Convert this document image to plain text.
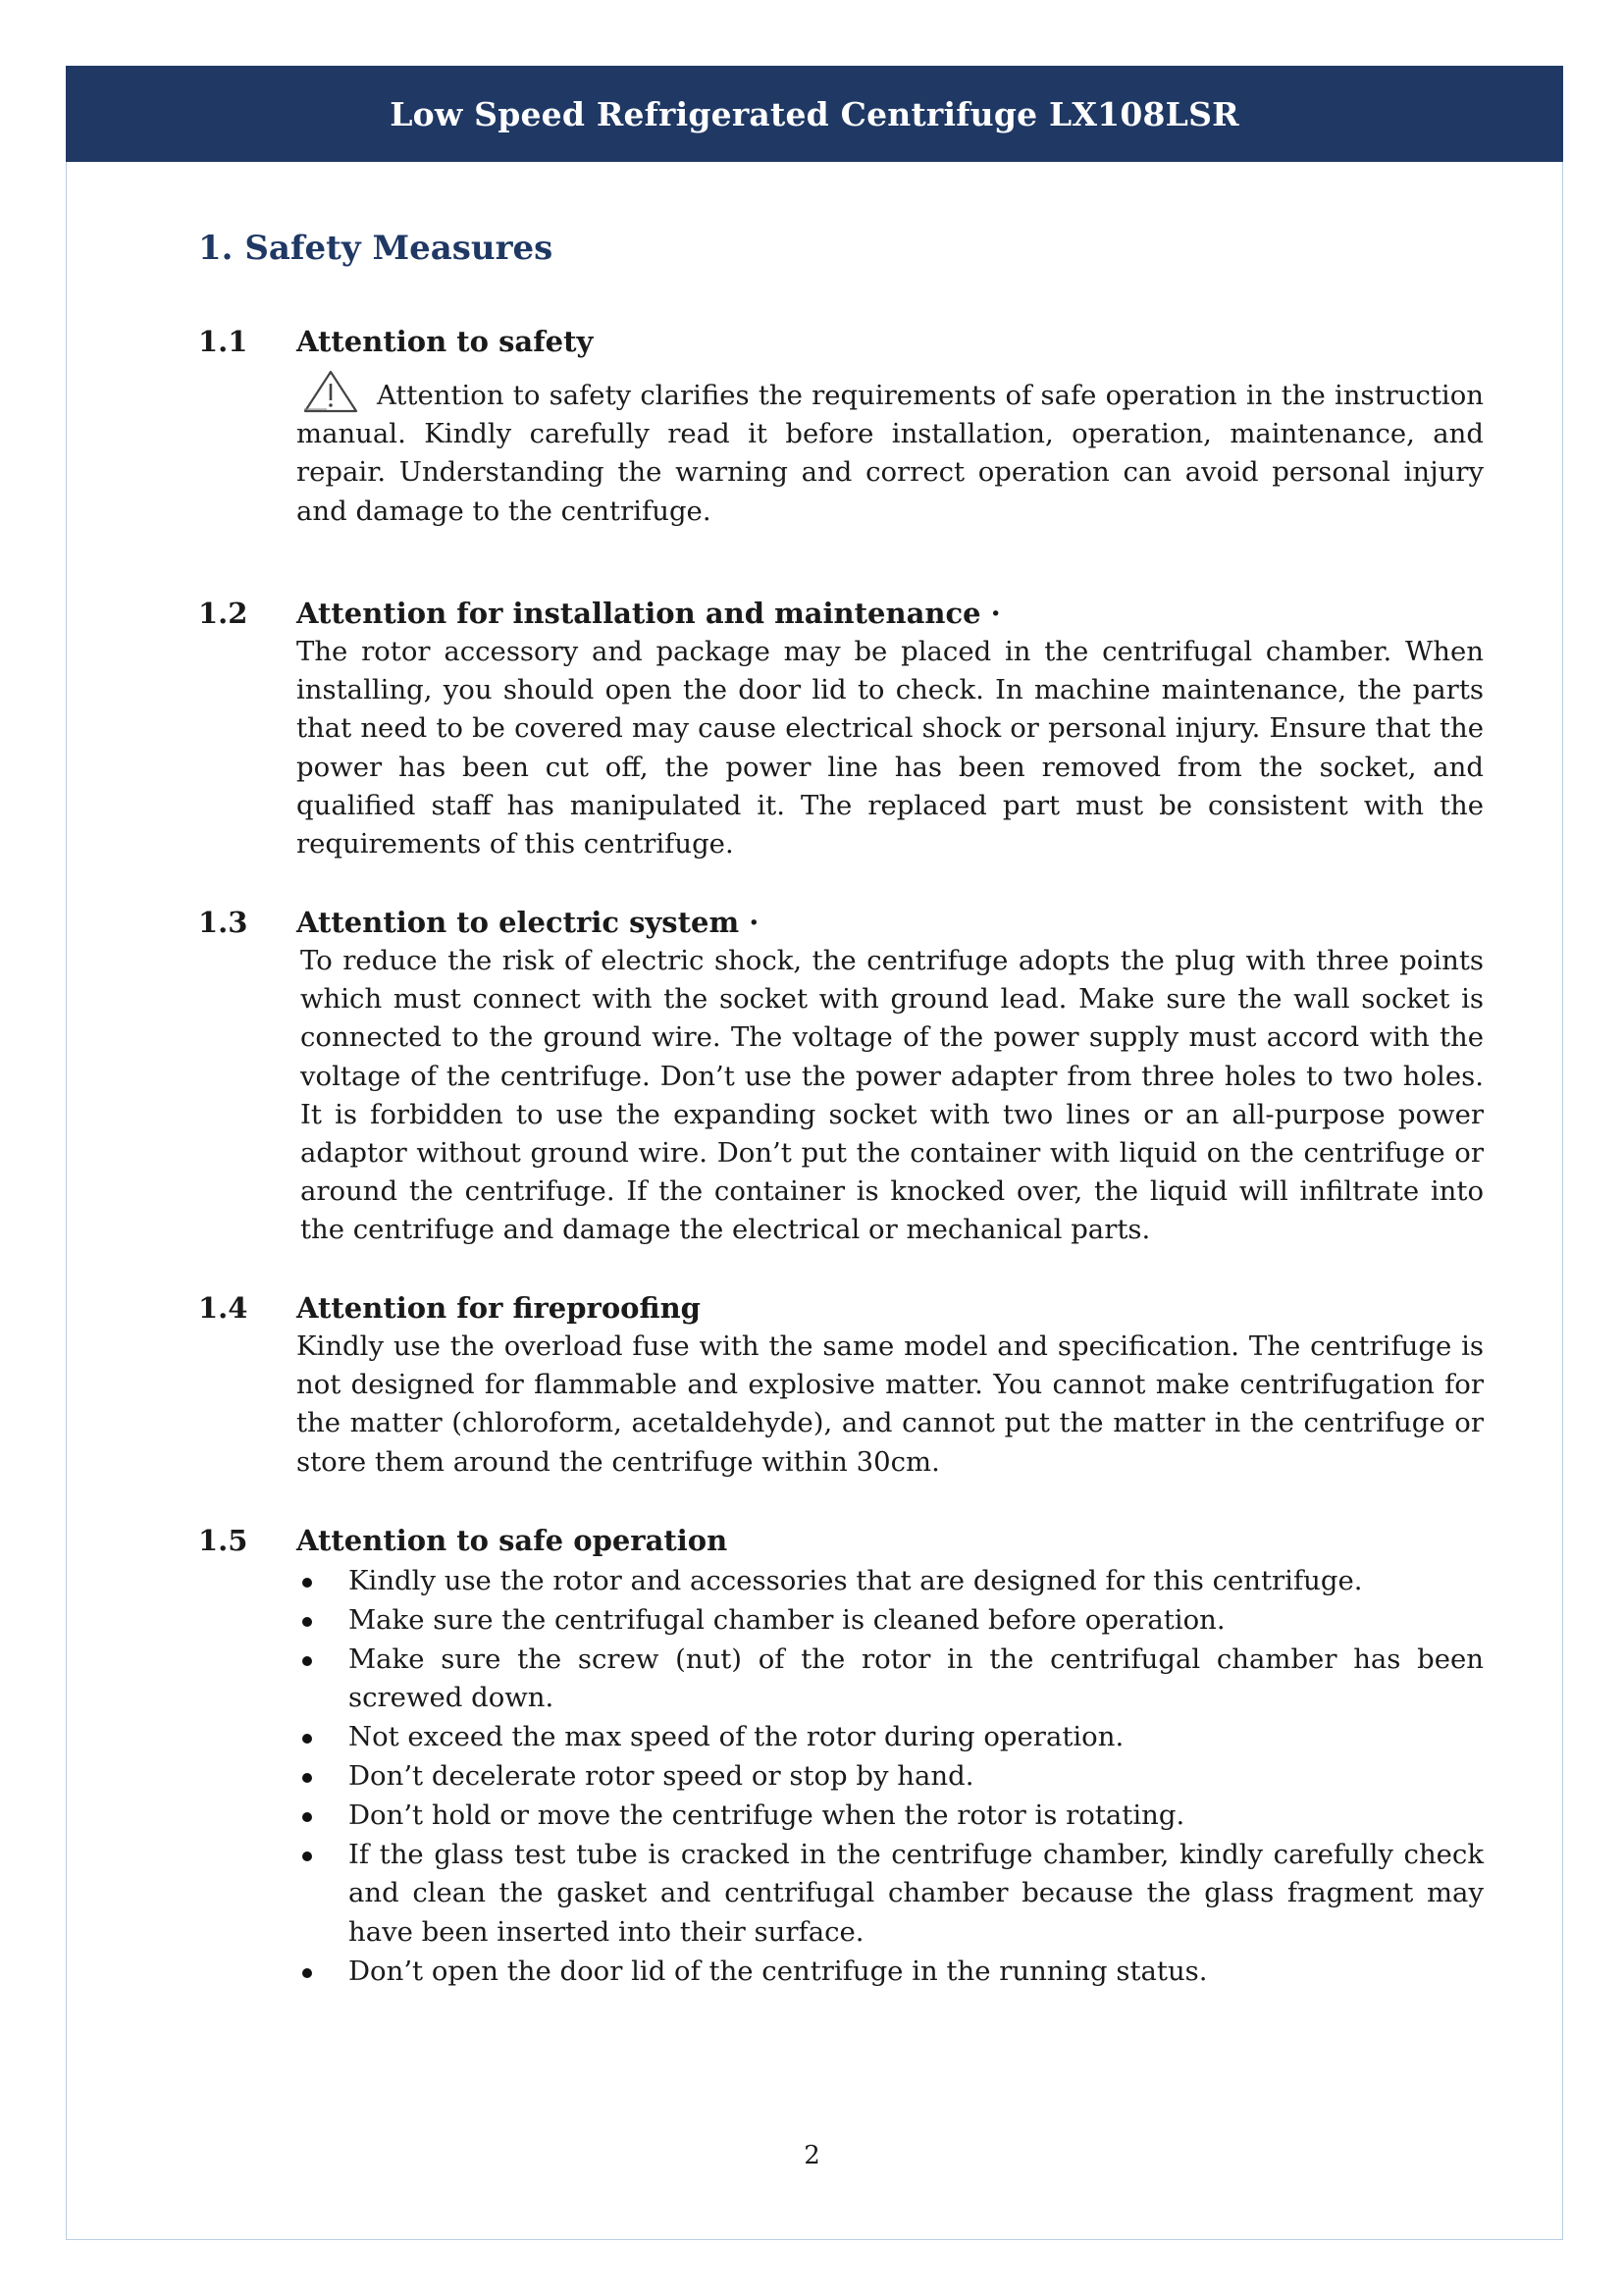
Low Speed Refrigerated Centrifuge LX108LSR
1. Safety Measures
1.1	Attention to safety
Attention to safety clarifies the requirements of safe operation in the instruction manual. Kindly carefully read it before installation, operation, maintenance, and repair. Understanding the warning and correct operation can avoid personal injury and damage to the centrifuge.
1.2	Attention for installation and maintenance ·
The rotor accessory and package may be placed in the centrifugal chamber. When installing, you should open the door lid to check. In machine maintenance, the parts that need to be covered may cause electrical shock or personal injury. Ensure that the power has been cut off, the power line has been removed from the socket, and qualified staff has manipulated it. The replaced part must be consistent with the requirements of this centrifuge.
1.3	Attention to electric system ·
To reduce the risk of electric shock, the centrifuge adopts the plug with three points which must connect with the socket with ground lead. Make sure the wall socket is connected to the ground wire. The voltage of the power supply must accord with the voltage of the centrifuge. Don’t use the power adapter from three holes to two holes. It is forbidden to use the expanding socket with two lines or an all-purpose power adaptor without ground wire. Don’t put the container with liquid on the centrifuge or around the centrifuge. If the container is knocked over, the liquid will infiltrate into the centrifuge and damage the electrical or mechanical parts.
1.4	Attention for fireproofing
Kindly use the overload fuse with the same model and specification. The centrifuge is not designed for flammable and explosive matter. You cannot make centrifugation for the matter (chloroform, acetaldehyde), and cannot put the matter in the centrifuge or store them around the centrifuge within 30cm.
1.5	Attention to safe operation
Kindly use the rotor and accessories that are designed for this centrifuge.
Make sure the centrifugal chamber is cleaned before operation.
Make sure the screw (nut) of the rotor in the centrifugal chamber has been screwed down.
Not exceed the max speed of the rotor during operation.
Don’t decelerate rotor speed or stop by hand.
Don’t hold or move the centrifuge when the rotor is rotating.
If the glass test tube is cracked in the centrifuge chamber, kindly carefully check and clean the gasket and centrifugal chamber because the glass fragment may have been inserted into their surface.
Don’t open the door lid of the centrifuge in the running status.
2
